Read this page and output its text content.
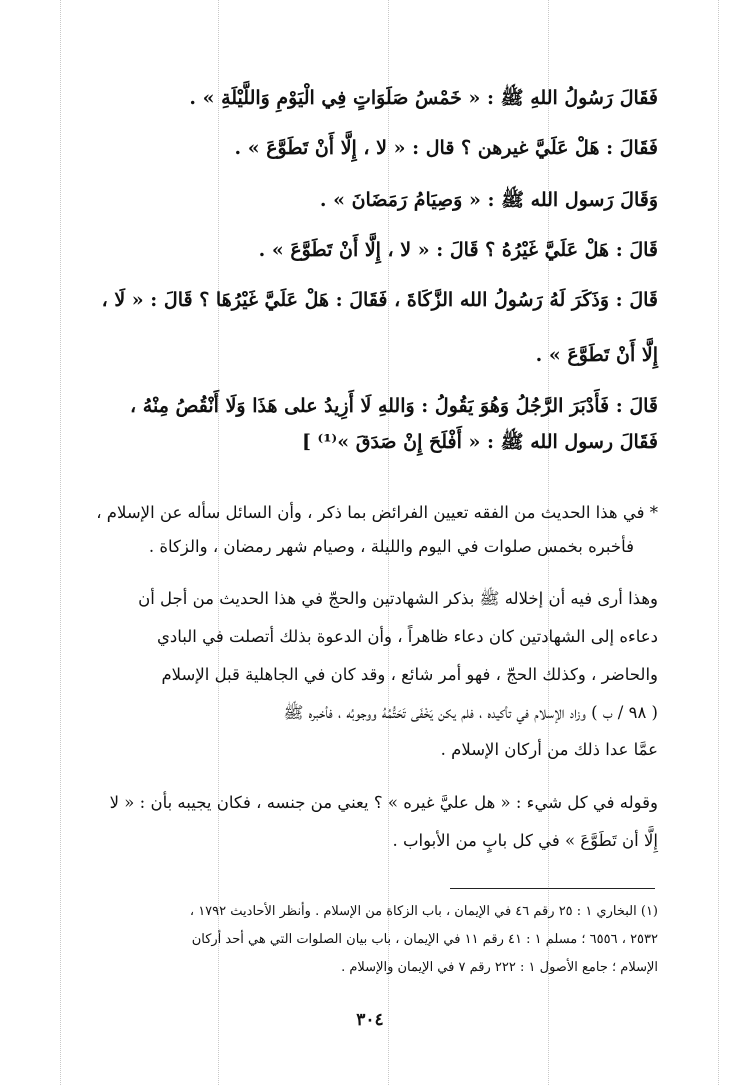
فَقَالَ رَسُولُ اللهِ ﷺ : « خَمْسُ صَلَوَاتٍ فِي الْيَوْمِ وَاللَّيْلَةِ » .
فَقَالَ : هَلْ عَلَيَّ غيرهن ؟ قال : « لا ، إِلَّا أَنْ تَطَوَّعَ » .
وَقَالَ رَسول الله ﷺ : « وَصِيَامُ رَمَضَانَ » .
قَالَ : هَلْ عَلَيَّ غَيْرُهُ ؟ قَالَ : « لا ، إِلَّا أَنْ تَطَوَّعَ » .
قَالَ : وَذَكَرَ لَهُ رَسُولُ الله الزَّكَاةَ ، فَقَالَ : هَلْ عَلَيَّ غَيْرُهَا ؟ قَالَ : « لَا ،
إِلَّا أَنْ تَطَوَّعَ » .
قَالَ : فَأَدْبَرَ الرَّجُلُ وَهُوَ يَقُولُ : وَاللهِ لَا أَزِيدُ على هَذَا وَلَا أَنْقُصُ مِنْهُ ،
فَقَالَ رسول الله ﷺ : « أَفْلَحَ إِنْ صَدَقَ »⁽¹⁾ ]
* في هذا الحديث من الفقه تعيين الفرائض بما ذكر ، وأن السائل سأله عن الإسلام ،
فأخبره بخمس صلوات في اليوم والليلة ، وصيام شهر رمضان ، والزكاة .
وهذا أرى فيه أن إخلاله ﷺ بذكر الشهادتين والحجّ في هذا الحديث من أجل أن
دعاءه إلى الشهادتين كان دعاء ظاهراً ، وأن الدعوة بذلك أتصلت في البادي
والحاضر ، وكذلك الحجّ ، فهو أمر شائع ، وقد كان في الجاهلية قبل الإسلام
( ٩٨ / ب ) وزاد الإسلام في تأكيده ، فلم يكن يَخْفَى تَحَتُّمُهُ ووجوبُه ، فأخبره ﷺ
عمَّا عدا ذلك من أركان الإسلام .
وقوله في كل شيء : « هل عليَّ غيره » ؟ يعني من جنسه ، فكان يجيبه بأن : « لا
إِلَّا أن تَطَوَّعَ » في كل بابٍ من الأبواب .
(١) البخاري ١ : ٢٥ رقم ٤٦ في الإيمان ، باب الزكاة من الإسلام . وأنظر الأحاديث ١٧٩٢ ،
٢٥٣٢ ، ٦٥٥٦ ؛ مسلم ١ : ٤١ رقم ١١ في الإيمان ، باب بيان الصلوات التي هي أحد أركان
الإسلام ؛ جامع الأصول ١ : ٢٢٢ رقم ٧ في الإيمان والإسلام .
٣٠٤
